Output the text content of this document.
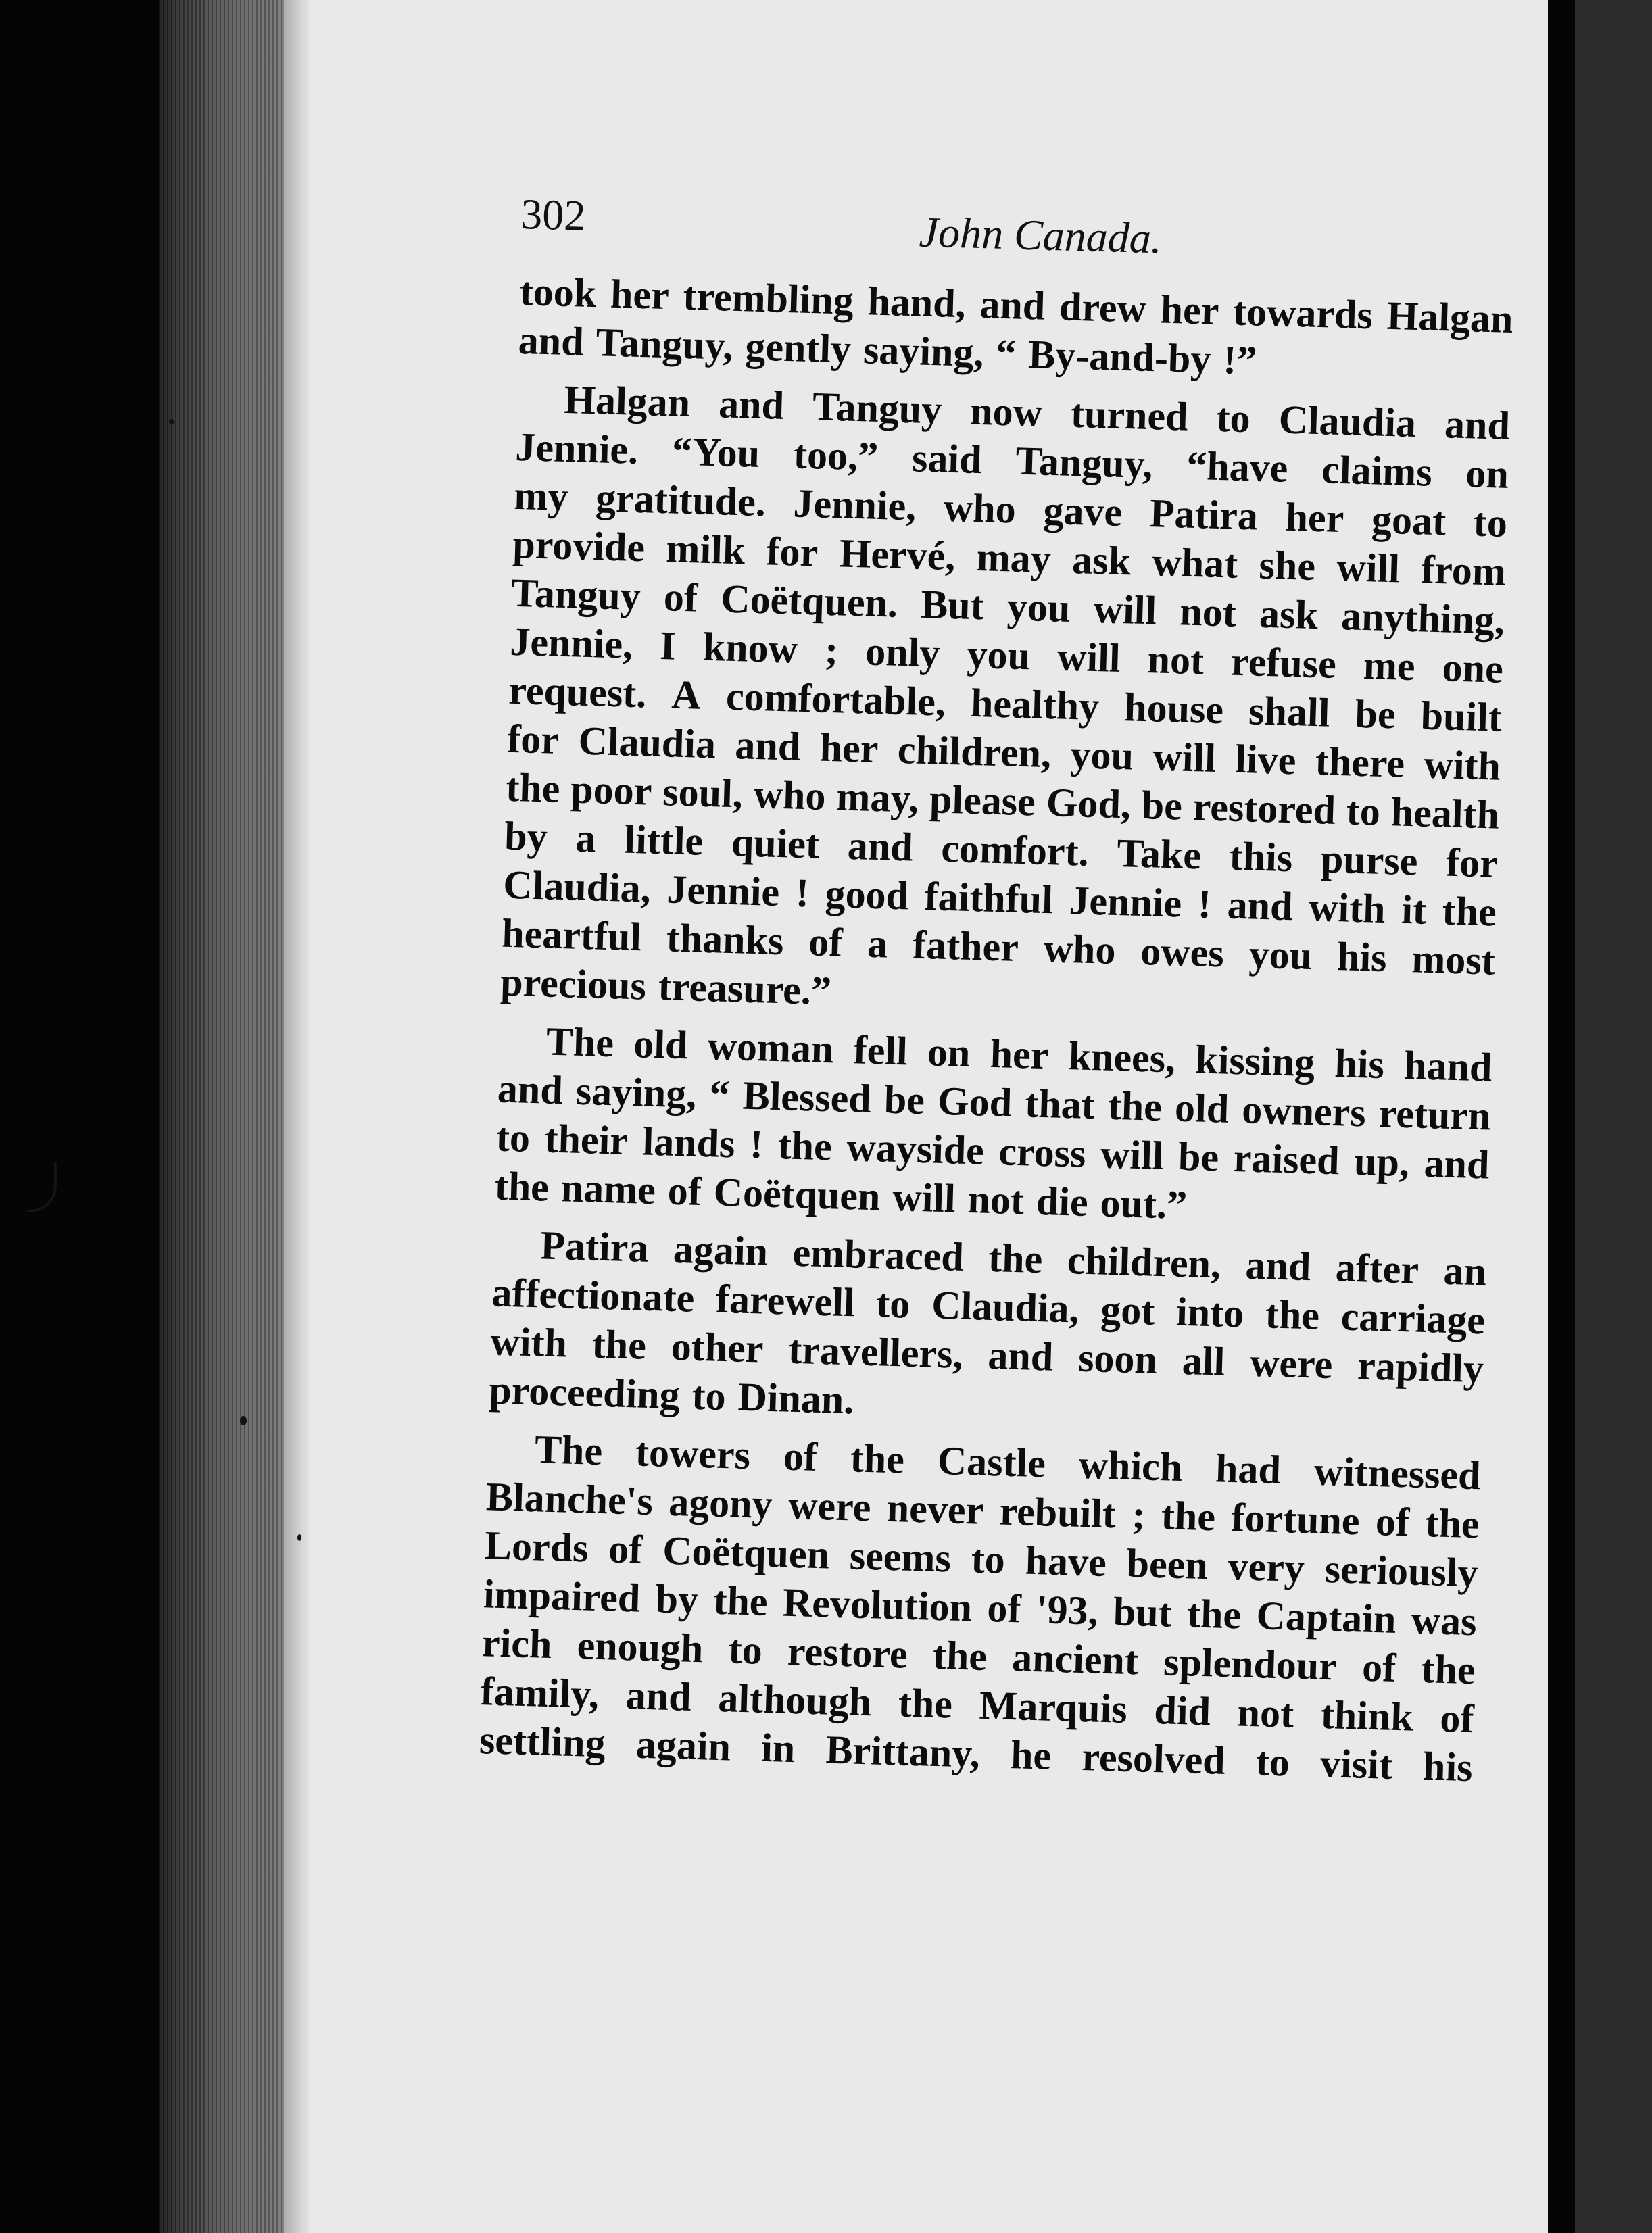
302	John Canada.
took her trembling hand, and drew her towards Halgan
and Tanguy, gently saying, “ By-and-by !”
Halgan and Tanguy now turned to Claudia and
Jennie. “You too,” said Tanguy, “have claims on
my gratitude. Jennie, who gave Patira her goat to
provide milk for Hervé, may ask what she will from
Tanguy of Coëtquen. But you will not ask anything,
Jennie, I know ; only you will not refuse me one
request. A comfortable, healthy house shall be built
for Claudia and her children, you will live there with
the poor soul, who may, please God, be restored to health
by a little quiet and comfort. Take this purse for
Claudia, Jennie ! good faithful Jennie ! and with it the
heartful thanks of a father who owes you his most
precious treasure.”
The old woman fell on her knees, kissing his hand
and saying, “ Blessed be God that the old owners return
to their lands ! the wayside cross will be raised up, and
the name of Coëtquen will not die out.”
Patira again embraced the children, and after an
affectionate farewell to Claudia, got into the carriage
with the other travellers, and soon all were rapidly
proceeding to Dinan.
The towers of the Castle which had witnessed
Blanche's agony were never rebuilt ; the fortune of the
Lords of Coëtquen seems to have been very seriously
impaired by the Revolution of '93, but the Captain was
rich enough to restore the ancient splendour of the
family, and although the Marquis did not think of
settling again in Brittany, he resolved to visit his
